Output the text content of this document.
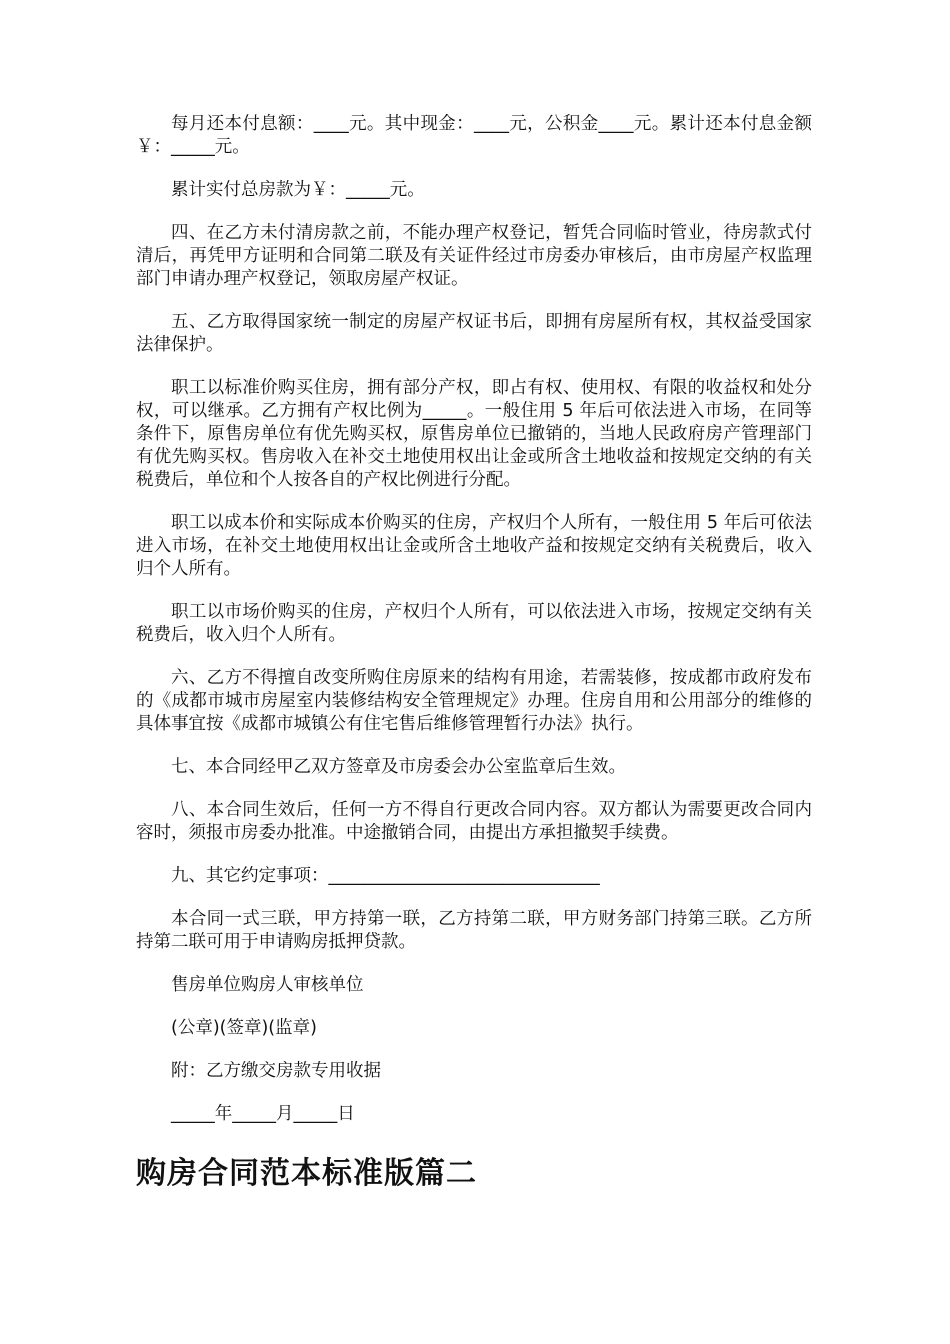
每月还本付息额：____元。其中现金：____元，公积金____元。累计还本付息金额￥：_____元。

累计实付总房款为￥：_____元。

四、在乙方未付清房款之前，不能办理产权登记，暂凭合同临时管业，待房款式付清后，再凭甲方证明和合同第二联及有关证件经过市房委办审核后，由市房屋产权监理部门申请办理产权登记，领取房屋产权证。

五、乙方取得国家统一制定的房屋产权证书后，即拥有房屋所有权，其权益受国家法律保护。

职工以标准价购买住房，拥有部分产权，即占有权、使用权、有限的收益权和处分权，可以继承。乙方拥有产权比例为_____。一般住用 5 年后可依法进入市场，在同等条件下，原售房单位有优先购买权，原售房单位已撤销的，当地人民政府房产管理部门有优先购买权。售房收入在补交土地使用权出让金或所含土地收益和按规定交纳的有关税费后，单位和个人按各自的产权比例进行分配。

职工以成本价和实际成本价购买的住房，产权归个人所有，一般住用 5 年后可依法进入市场，在补交土地使用权出让金或所含土地收产益和按规定交纳有关税费后，收入归个人所有。

职工以市场价购买的住房，产权归个人所有，可以依法进入市场，按规定交纳有关税费后，收入归个人所有。

六、乙方不得擅自改变所购住房原来的结构有用途，若需装修，按成都市政府发布的《成都市城市房屋室内装修结构安全管理规定》办理。住房自用和公用部分的维修的具体事宜按《成都市城镇公有住宅售后维修管理暂行办法》执行。

七、本合同经甲乙双方签章及市房委会办公室监章后生效。

八、本合同生效后，任何一方不得自行更改合同内容。双方都认为需要更改合同内容时，须报市房委办批准。中途撤销合同，由提出方承担撤契手续费。

九、其它约定事项：_______________________________

本合同一式三联，甲方持第一联，乙方持第二联，甲方财务部门持第三联。乙方所持第二联可用于申请购房抵押贷款。

售房单位购房人审核单位

(公章)(签章)(监章)

附：乙方缴交房款专用收据

_____年_____月_____日

购房合同范本标准版篇二
